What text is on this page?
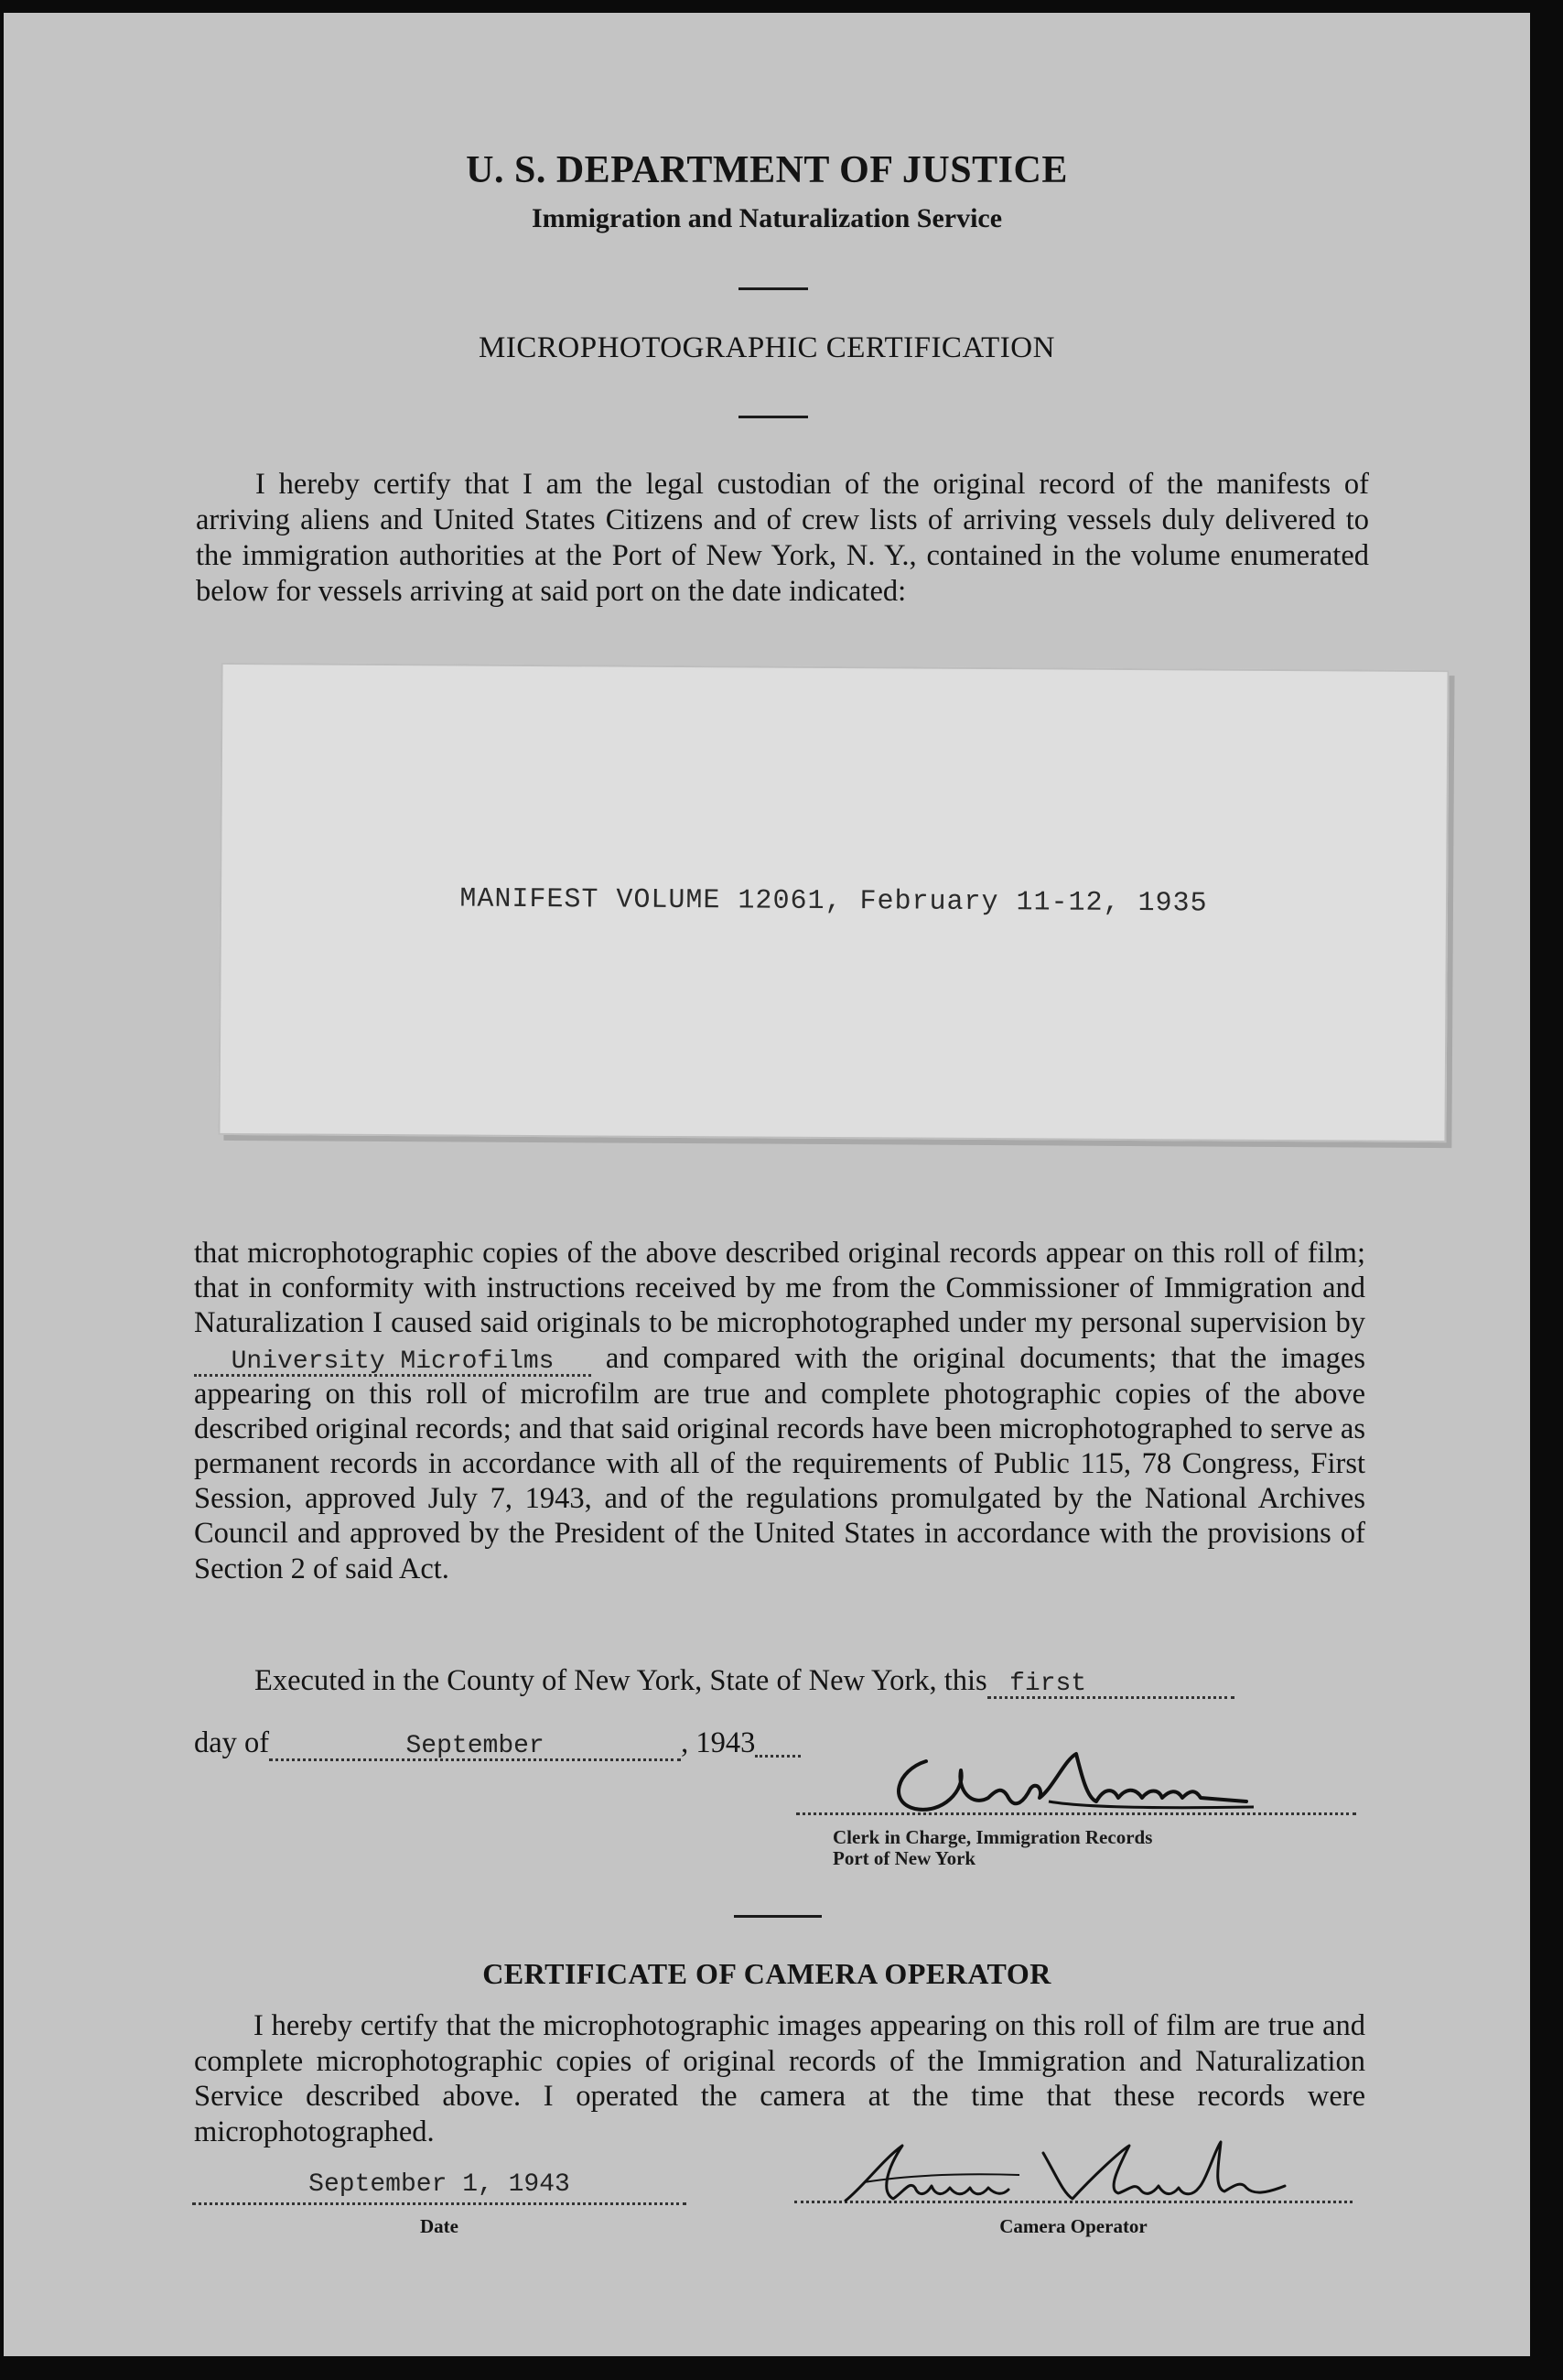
U. S. DEPARTMENT OF JUSTICE
Immigration and Naturalization Service
MICROPHOTOGRAPHIC CERTIFICATION
I hereby certify that I am the legal custodian of the original record of the manifests of arriving aliens and United States Citizens and of crew lists of arriving vessels duly delivered to the immigration authorities at the Port of New York, N. Y., contained in the volume enumerated below for vessels arriving at said port on the date indicated:
MANIFEST VOLUME 12061, February 11-12, 1935
that microphotographic copies of the above described original records appear on this roll of film; that in conformity with instructions received by me from the Commissioner of Immigration and Naturalization I caused said originals to be microphotographed under my personal supervision by      University Microfilms and compared with the original documents; that the images appearing on this roll of microfilm are true and complete photographic copies of the above described original records; and that said original records have been microphotographed to serve as permanent records in accordance with all of the requirements of Public 115, 78 Congress, First Session, approved July 7, 1943, and of the regulations promulgated by the National Archives Council and approved by the President of the United States in accordance with the provisions of Section 2 of said Act.
Executed in the County of New York, State of New York, this first
day of	September	, 1943
Clerk in Charge, Immigration Records
Port of New York
CERTIFICATE OF CAMERA OPERATOR
I hereby certify that the microphotographic images appearing on this roll of film are true and complete microphotographic copies of original records of the Immigration and Naturalization Service described above. I operated the camera at the time that these records were microphotographed.
September 1, 1943
Date	Camera Operator
